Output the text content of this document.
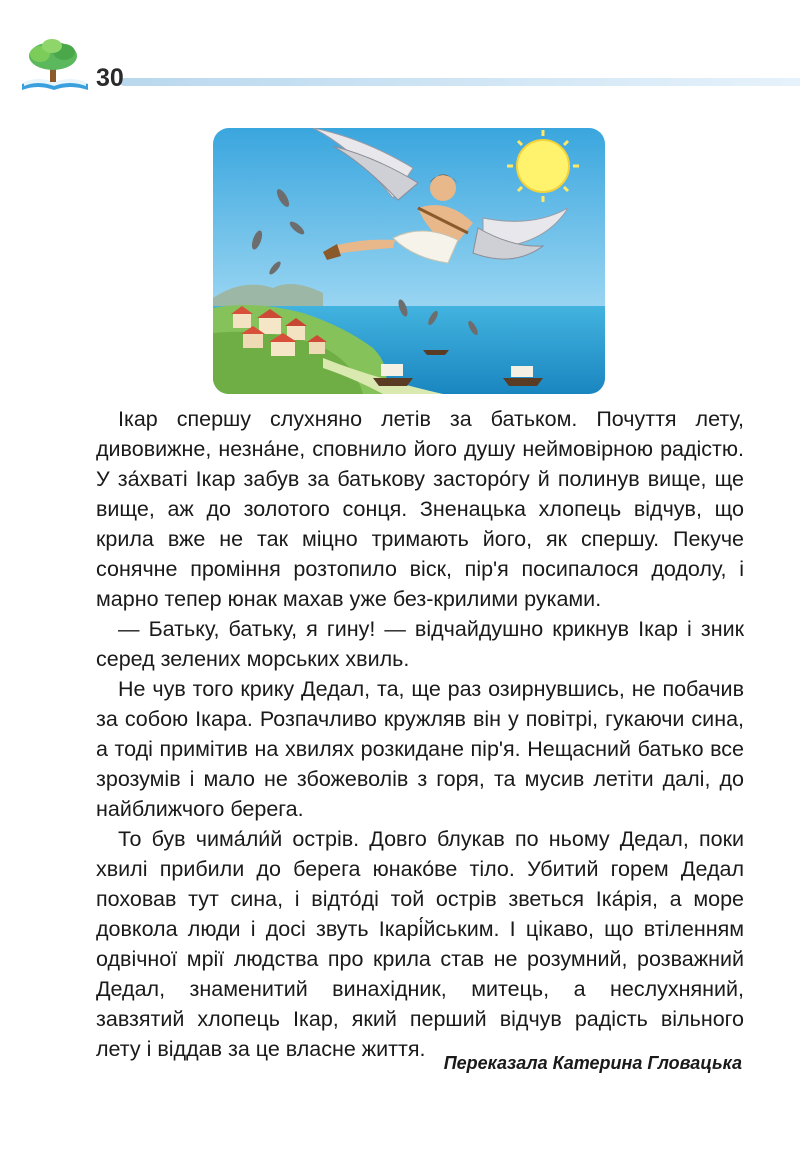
30

Ікар спершу слухняно летів за батьком. Почуття лету, дивовижне, незна́не, сповнило його душу неймовірною радістю. У за́хваті Ікар забув за батькову засторо́гу й полинув вище, ще вище, аж до золотого сонця. Зненацька хлопець відчув, що крила вже не так міцно тримають його, як спершу. Пекуче сонячне проміння розтопило віск, пір'я посипалося додолу, і марно тепер юнак махав уже без-крилими руками.

— Батьку, батьку, я гину! — відчайдушно крикнув Ікар і зник серед зелених морських хвиль.

Не чув того крику Дедал, та, ще раз озирнувшись, не побачив за собою Ікара. Розпачливо кружляв він у повітрі, гукаючи сина, а тоді примітив на хвилях розкидане пір'я. Нещасний батько все зрозумів і мало не збожеволів з горя, та мусив летіти далі, до найближчого берега.

То був чима́ли́й острів. Довго блукав по ньому Дедал, поки хвилі прибили до берега юнако́ве тіло. Убитий горем Дедал поховав тут сина, і відто́ді той острів зветься Іка́рія, а море довкола люди і досі звуть Ікарі́йським. І цікаво, що втіленням одвічної мрії людства про крила став не розумний, розважний Дедал, знаменитий винахідник, митець, а неслухняний, завзятий хлопець Ікар, який перший відчув радість вільного лету і віддав за це власне життя.

Переказала Катерина Гловацька
